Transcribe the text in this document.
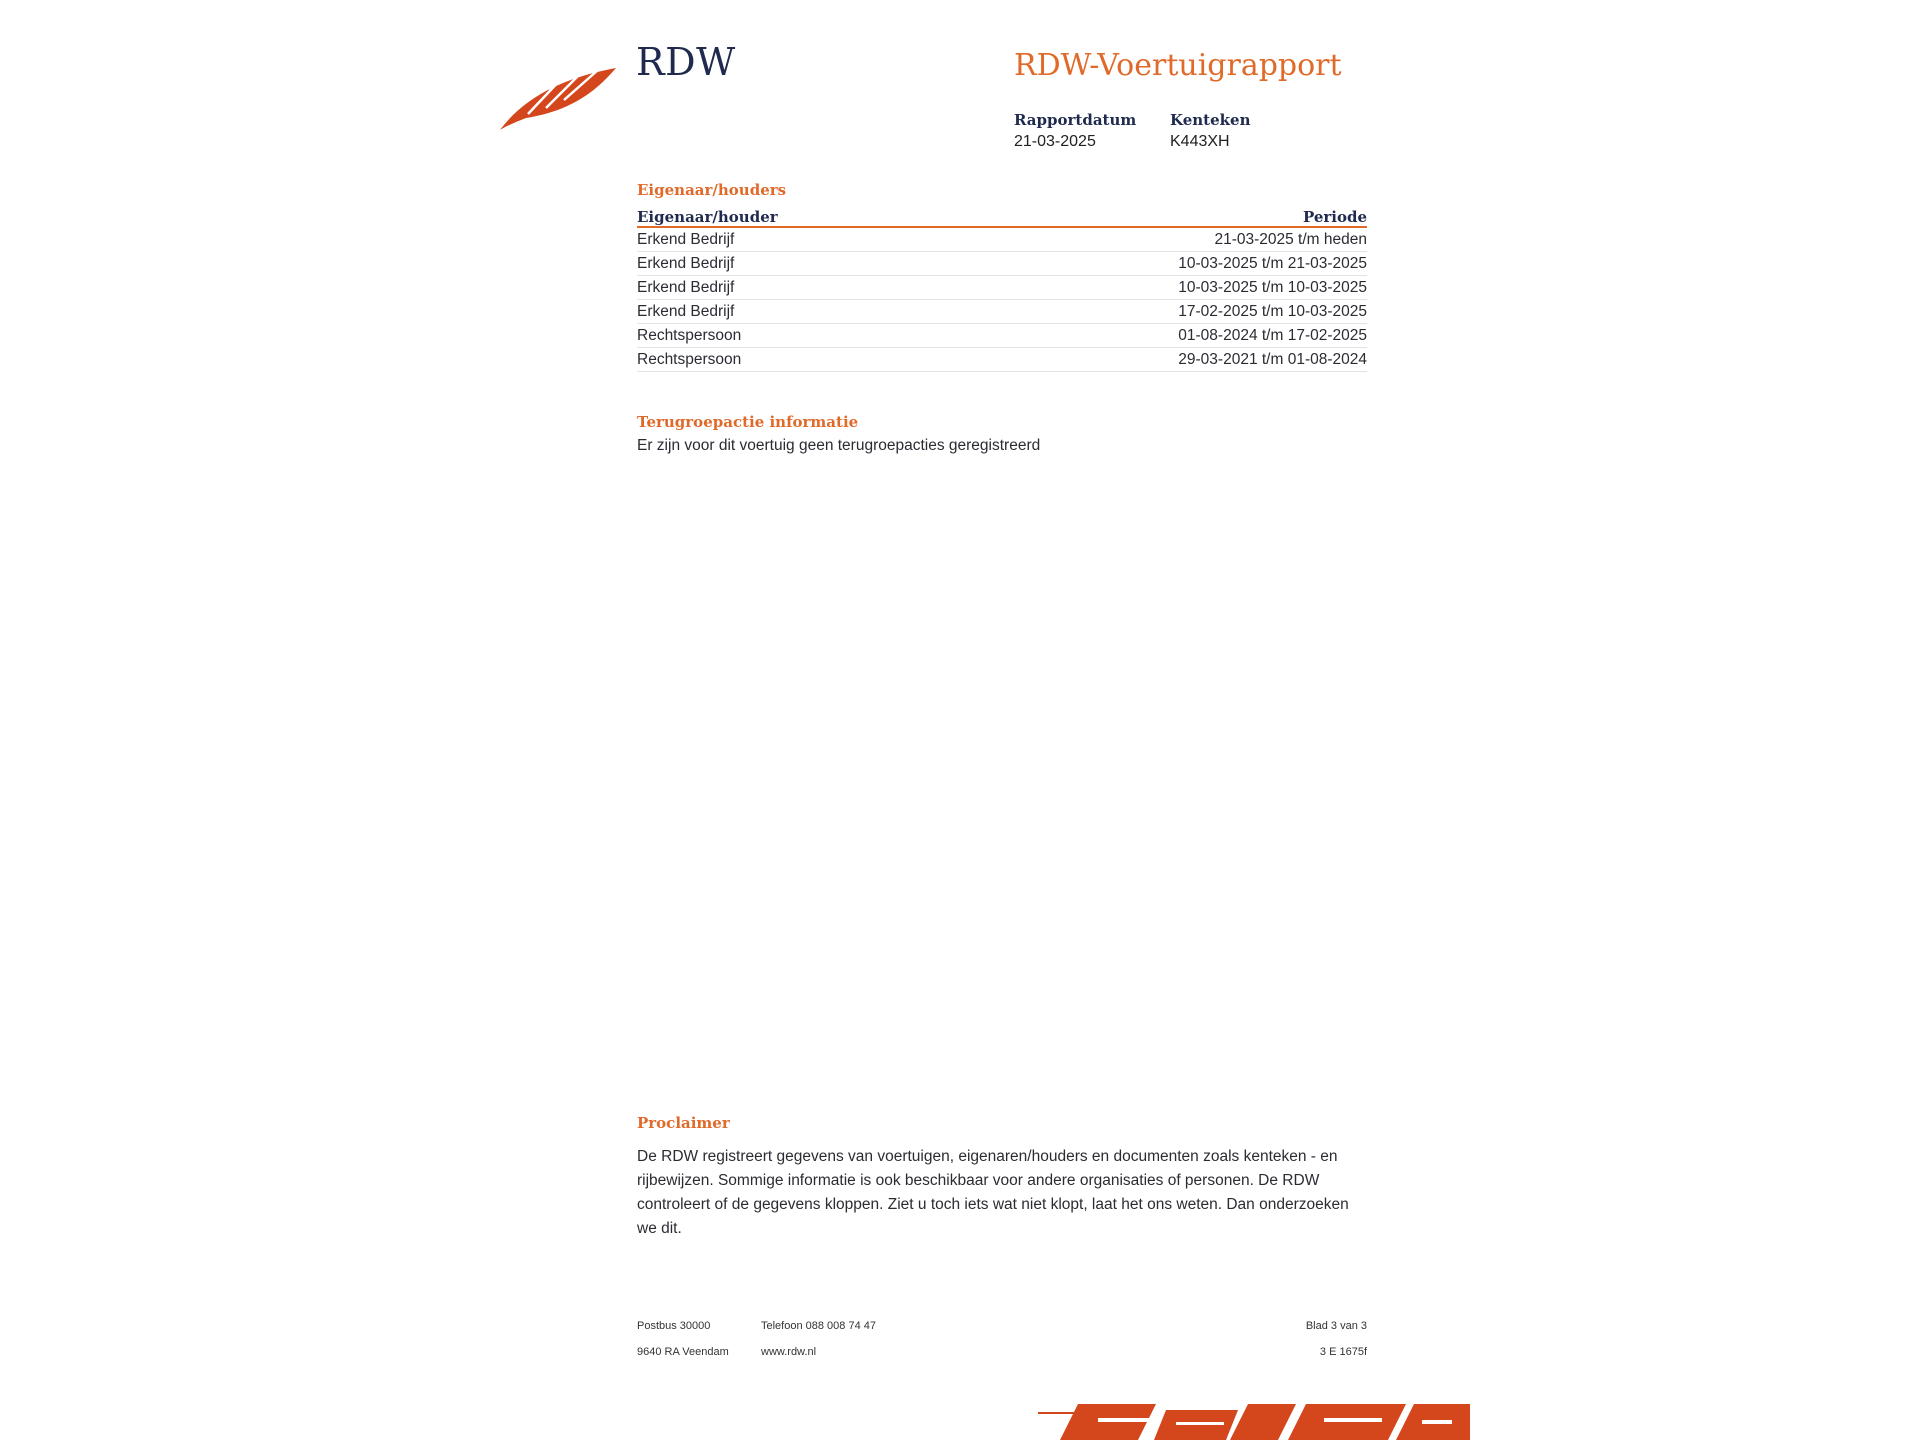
RDW	RDW-Voertuigrapport
Rapportdatum
21-03-2025
Kenteken
K443XH
Eigenaar/houders
Eigenaar/houder	Periode
Erkend Bedrijf	21-03-2025 t/m heden
Erkend Bedrijf	10-03-2025 t/m 21-03-2025
Erkend Bedrijf	10-03-2025 t/m 10-03-2025
Erkend Bedrijf	17-02-2025 t/m 10-03-2025
Rechtspersoon	01-08-2024 t/m 17-02-2025
Rechtspersoon	29-03-2021 t/m 01-08-2024
Terugroepactie informatie
Er zijn voor dit voertuig geen terugroepacties geregistreerd
Proclaimer
De RDW registreert gegevens van voertuigen, eigenaren/houders en documenten zoals kenteken - en rijbewijzen. Sommige informatie is ook beschikbaar voor andere organisaties of personen. De RDW controleert of de gegevens kloppen. Ziet u toch iets wat niet klopt, laat het ons weten. Dan onderzoeken we dit.
Postbus 30000
9640 RA Veendam
Telefoon 088 008 74 47
www.rdw.nl
Blad 3 van 3
3 E 1675f
